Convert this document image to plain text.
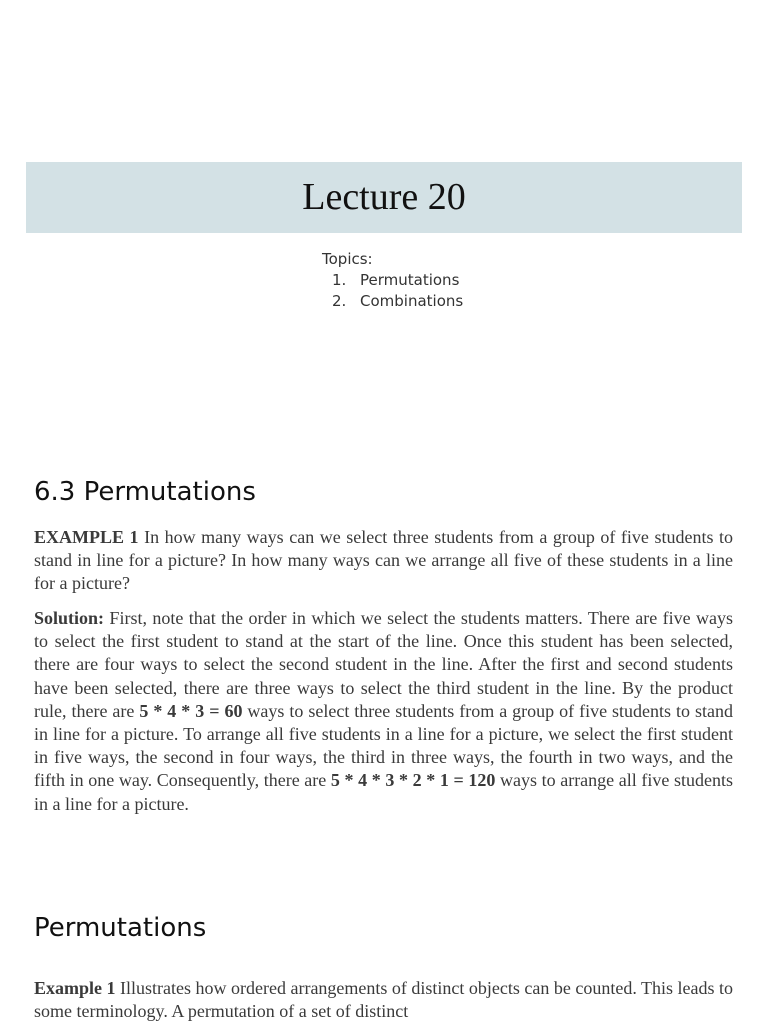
Lecture 20
Topics:
1. Permutations
2. Combinations
6.3 Permutations

EXAMPLE 1 In how many ways can we select three students from a group of five students to stand in line for a picture? In how many ways can we arrange all five of these students in a line for a picture?

Solution: First, note that the order in which we select the students matters. There are five ways to select the first student to stand at the start of the line. Once this student has been selected, there are four ways to select the second student in the line. After the first and second students have been selected, there are three ways to select the third student in the line. By the product rule, there are 5 * 4 * 3 = 60 ways to select three students from a group of five students to stand in line for a picture. To arrange all five students in a line for a picture, we select the first student in five ways, the second in four ways, the third in three ways, the fourth in two ways, and the fifth in one way. Consequently, there are 5 * 4 * 3 * 2 * 1 = 120 ways to arrange all five students in a line for a picture.

Permutations

Example 1 Illustrates how ordered arrangements of distinct objects can be counted. This leads to some terminology. A permutation of a set of distinct
